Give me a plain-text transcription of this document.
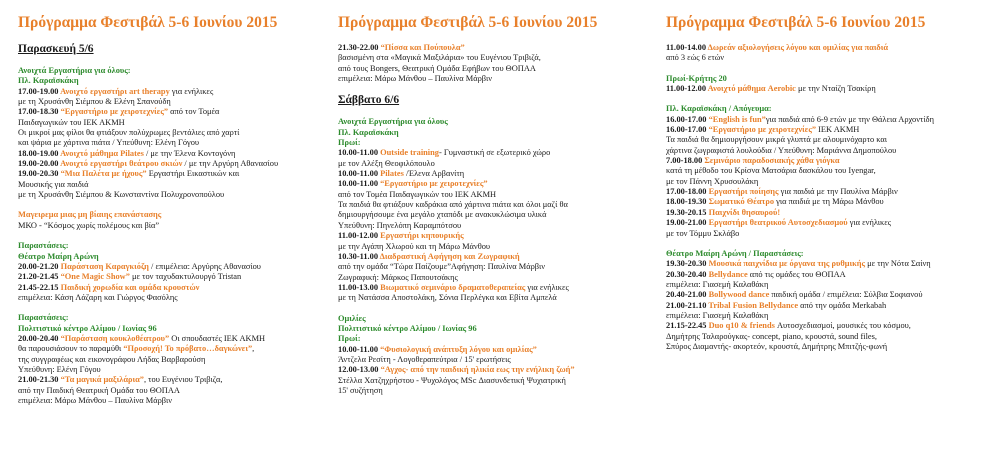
Πρόγραμμα Φεστιβάλ 5-6 Ιουνίου 2015
Παρασκευή 5/6
Ανοιχτά Εργαστήρια για όλους:
Πλ. Καραϊσκάκη
17.00-19.00 Ανοιχτό εργαστήρι art therapy για ενήλικες
με τη Χρυσάνθη Σιέμπου & Ελένη Σπανούδη
17.00-18.30 “Εργαστήριο με χειροτεχνίες” από τον Τομέα
Παιδαγωγικών του ΙΕΚ ΑΚΜΗ
Οι μικροί μας φίλοι θα φτιάξουν πολύχρωμες βεντάλιες από χαρτί
και ψάρια με χάρτινα πιάτα / Υπεύθυνη: Ελένη Γόγου
18.00-19.00 Ανοιχτό μάθημα Pilates / με την Έλενα Κοντογόνη
19.00-20.00 Ανοιχτό εργαστήρι θεάτρου σκιών / με την Αργύρη Αθανασίου
19.00-20.30 “Μια Παλέτα με ήχους” Εργαστήρι Εικαστικών και
Μουσικής για παιδιά
με τη Χρυσάνθη Σιέμπου & Κωνσταντίνα Πολυχρονοπούλου
Μαγειρεμα μιας μη βίαιης επανάστασης
ΜΚΟ - “Κόσμος χωρίς πολέμους και βία”
Παραστάσεις:
Θέατρο Μαίρη Αρώνη
20.00-21.20 Παράσταση Καραγκιόζη / επιμέλεια: Αργύρης Αθανασίου
21.20-21.45 “One Magic Show” με τον ταχυδακτυλουργό Tristan
21.45-22.15 Παιδική χορωδία και ομάδα κρουστών
επιμέλεια: Κάση Λάζαρη και Γιώργος Φασόλης
Παραστάσεις:
Πολιτιστικό κέντρο Αλίμου / Ιωνίας 96
20.00-20.40 “Παράσταση κουκλοθέατρου” Οι σπουδαστές ΙΕΚ ΑΚΜΗ
θα παρουσιάσουν το παραμύθι “Προσοχή! Το πρόβατο…δαγκώνει”,
της συγγραφέως και εικονογράφου Λήδας Βαρβαρούση
Υπεύθυνη: Ελένη Γόγου
21.00-21.30 “Τα μαγικά μαξιλάρια”, του Ευγένιου Τριβιζα,
από την Παιδική Θεατρική Ομάδα του ΘΟΠΑΑ
επιμέλεια: Μάρω Μάνθου – Παυλίνα Μάρβιν
Πρόγραμμα Φεστιβάλ 5-6 Ιουνίου 2015
21.30-22.00 “Πίσσα και Πούπουλα”
βασισμένη στα «Μαγικά Μαξιλάρια» του Ευγένιου Τριβιζά,
από τους Bongers, Θεατρική Ομάδα Εφήβων του ΘΟΠΑΑ
επιμέλεια: Μάρω Μάνθου – Παυλίνα Μάρβιν
Σάββατο 6/6
Ανοιχτά Εργαστήρια για όλους
Πλ. Καραϊσκάκη
Πρωί:
10.00-11.00 Outside training- Γυμναστική σε εξωτερικό χώρο
με τον Αλέξη Θεοφιλόπουλο
10.00-11.00 Pilates /Έλενα Αρβανίτη
10.00-11.00 “Εργαστήριο με χειροτεχνίες”
από τον Τομέα Παιδαγωγικών του ΙΕΚ ΑΚΜΗ
Τα παιδιά θα φτιάξουν καδράκια από χάρτινα πιάτα και όλοι μαζί θα
δημιουργήσουμε ένα μεγάλο χταπόδι με ανακυκλώσιμα υλικά
Υπεύθυνη: Πηνελόπη Καραμπότσου
11.00-12.00 Εργαστήρι κηπουρικής
με την Αγάπη Χλωρού και τη Μάρω Μάνθου
10.30-11.00 Διαδραστική Αφήγηση και Ζωγραφική
από την ομάδα “Τώρα Παίζουμε”Αφήγηση: Παυλίνα Μάρβιν
Ζωγραφική: Μάρκος Παπουτσάκης
11.00-13.00 Βιωματικό σεμινάριο δραματοθεραπείας για ενήλικες
με τη Νατάσσα Αποστολάκη, Σόνια Περλέγκα και Εβίτα Αμπελά
Ομιλίες
Πολιτιστικό κέντρο Αλίμου / Ιωνίας 96
Πρωί:
10.00-11.00 “Φυσιολογική ανάπτυξη λόγου και ομιλίας”
Άντζελα Ρεσίτη - Λογοθεραπεύτρια / 15' ερωτήσεις
12.00-13.00 “Αγχος- από την παιδική ηλικία εως την ενήλικη ζωή”
Στέλλα Χατζηχρήστου - Ψυχολόγος MSc Διασυνδετική Ψυχιατρική
15' συζήτηση
Πρόγραμμα Φεστιβάλ 5-6 Ιουνίου 2015
11.00-14.00 Δωρεάν αξιολογήσεις λόγου και ομιλίας για παιδιά
από 3 εώς 6 ετών
Πρωί-Κρήτης 20
11.00-12.00 Ανοιχτό μάθημα Aerobic με την Νταίζη Τσακίρη
Πλ. Καραϊσκάκη / Απόγευμα:
16.00-17.00 “English is fun”για παιδιά από 6-9 ετών με την Θάλεια Αρχοντίδη
16.00-17.00 “Εργαστήριο με χειροτεχνίες” ΙΕΚ ΑΚΜΗ
Τα παιδιά θα δημιουργήσουν μικρά γλυπτά με αλουμινόχαρτο και
χάρτινα ζωγραφιστά λουλούδια / Υπεύθυνη: Μαριάννα Δημοπούλου
7.00-18.00 Σεμινάριο παραδοσιακής χάθα γιόγκα
κατά τη μέθοδο του Κρίσνα Ματσάρια δασκάλου του Iyengar,
με τον Πάννη Χρυσουλάκη
17.00-18.00 Εργαστήρι ποίησης για παιδιά με την Παυλίνα Μάρβιν
18.00-19.30 Σωματικό Θέατρο για παιδιά με τη Μάρω Μάνθου
19.30-20.15 Παιχνίδι θησαυρού!
19.00-21.00 Εργαστήρι θεατρικού Αυτοσχεδιασμού για ενήλικες
με τον Τόμμυ Σκλάβο
Θέατρο Μαίρη Αρώνη / Παραστάσεις:
19.30-20.30 Μουσικά παιχνίδια με όργανα της ρυθμικής με την Νότα Σαίνη
20.30-20.40 Bellydance από τις ομάδες του ΘΟΠΑΑ
επιμέλεια: Γιασεμή Καλαθάκη
20.40-21.00 Bollywood dance παιδική ομάδα / επιμέλεια: Σύλβια Σοφιανού
21.00-21.10 Tribal Fusion Bellydance από την ομάδα Merkabah
επιμέλεια: Γιασεμή Καλαθάκη
21.15-22.45 Duo q10 & friends Αυτοσχεδιασμοί, μουσικές του κόσμου,
Δημήτρης Ταλαρούγκας- concept, piano, κρουστά, sound files,
Σπύρος Διαμαντής- ακορτεόν, κρουστά, Δημήτρης Μπιτζής-φωνή
